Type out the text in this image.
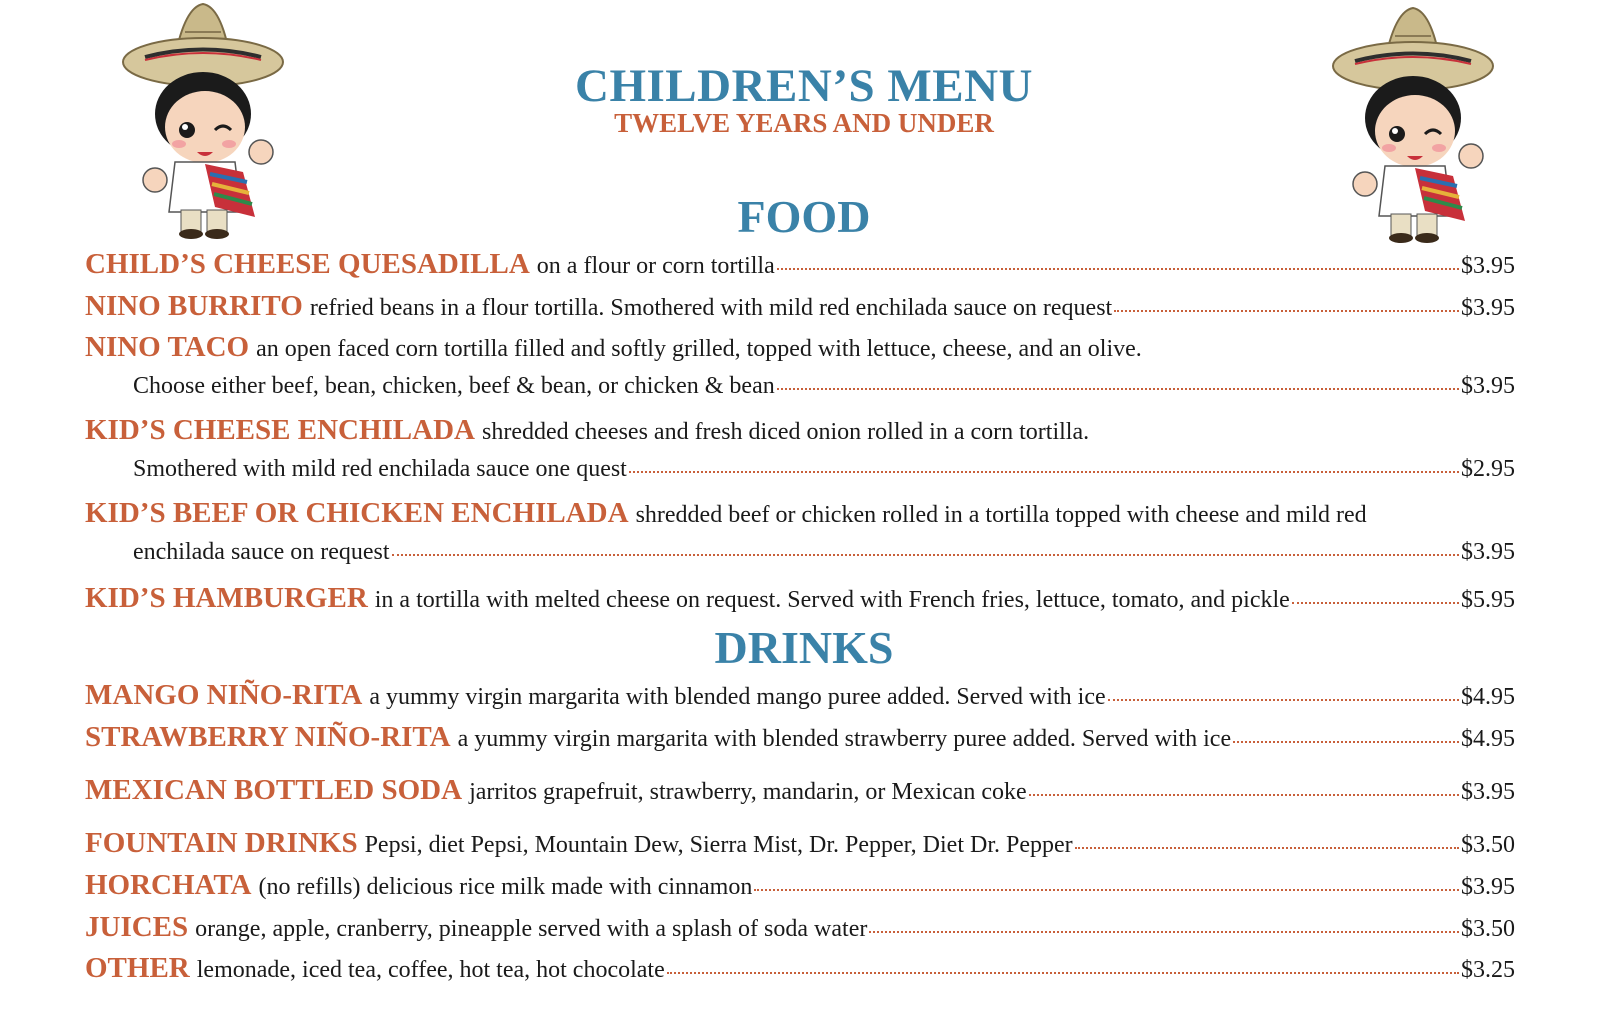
CHILDREN’S MENU
TWELVE YEARS AND UNDER
FOOD
CHILD’S CHEESE QUESADILLA on a flour or corn tortilla	$3.95
NINO BURRITO refried beans in a flour tortilla. Smothered with mild red enchilada sauce on request	$3.95
NINO TACO an open faced corn tortilla filled and softly grilled, topped with lettuce, cheese, and an olive.
Choose either beef, bean, chicken, beef & bean, or chicken & bean	$3.95
KID’S CHEESE ENCHILADA shredded cheeses and fresh diced onion rolled in a corn tortilla.
Smothered with mild red enchilada sauce one quest	$2.95
KID’S BEEF OR CHICKEN ENCHILADA shredded beef or chicken rolled in a tortilla topped with cheese and mild red
enchilada sauce on request	$3.95
KID’S HAMBURGER in a tortilla with melted cheese on request. Served with French fries, lettuce, tomato, and pickle	$5.95
DRINKS
MANGO NIÑO-RITA a yummy virgin margarita with blended mango puree added. Served with ice	$4.95
STRAWBERRY NIÑO-RITA a yummy virgin margarita with blended strawberry puree added. Served with ice	$4.95
MEXICAN BOTTLED SODA jarritos grapefruit, strawberry, mandarin, or Mexican coke	$3.95
FOUNTAIN DRINKS Pepsi, diet Pepsi, Mountain Dew, Sierra Mist, Dr. Pepper, Diet Dr. Pepper	$3.50
HORCHATA (no refills) delicious rice milk made with cinnamon	$3.95
JUICES orange, apple, cranberry, pineapple served with a splash of soda water	$3.50
OTHER lemonade, iced tea, coffee, hot tea, hot chocolate	$3.25
